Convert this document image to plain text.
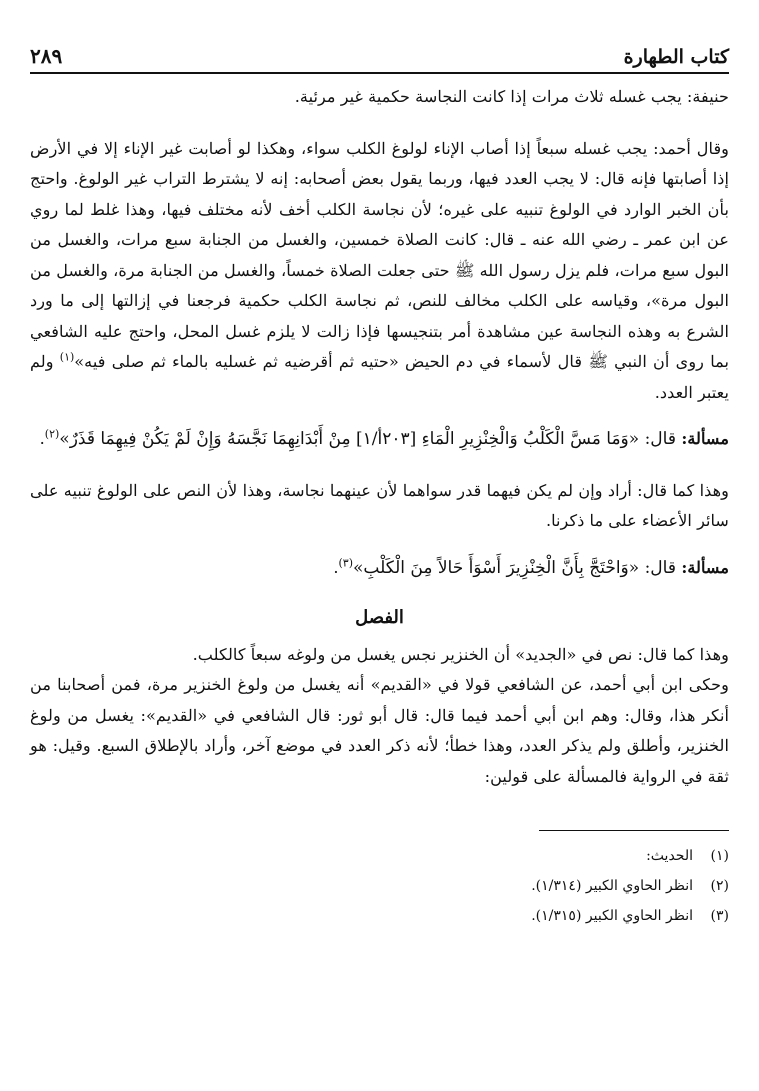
كتاب الطهارة
٢٨٩

حنيفة: يجب غسله ثلاث مرات إذا كانت النجاسة حكمية غير مرئية.

وقال أحمد: يجب غسله سبعاً إذا أصاب الإناء لولوغ الكلب سواء، وهكذا لو أصابت غير الإناء إلا في الأرض إذا أصابتها فإنه قال: لا يجب العدد فيها، وربما يقول بعض أصحابه: إنه لا يشترط التراب غير الولوغ. واحتج بأن الخبر الوارد في الولوغ تنبيه على غيره؛ لأن نجاسة الكلب أخف لأنه مختلف فيها، وهذا غلط لما روي عن ابن عمر ـ رضي الله عنه ـ قال: كانت الصلاة خمسين، والغسل من الجنابة سبع مرات، والغسل من البول سبع مرات، فلم يزل رسول الله ﷺ حتى جعلت الصلاة خمساً، والغسل من الجنابة مرة، والغسل من البول مرة»، وقياسه على الكلب مخالف للنص، ثم نجاسة الكلب حكمية فرجعنا في إزالتها إلى ما ورد الشرع به وهذه النجاسة عين مشاهدة أمر بتنجيسها فإذا زالت لا يلزم غسل المحل، واحتج عليه الشافعي بما روى أن النبي ﷺ قال لأسماء في دم الحيض «حتيه ثم أقرضيه ثم غسليه بالماء ثم صلى فيه»$^{(١)}$ ولم يعتبر العدد.

مسألة: قال: «وَمَا مَسَّ الْكَلْبُ وَالْخِنْزِيرِ الْمَاءِ [٢٠٣أ/١] مِنْ أَبْدَانِهِمَا نَجَّسَهُ وَإِنْ لَمْ يَكُنْ فِيهِمَا قَذَرٌ»$^{(٢)}$.

وهذا كما قال: أراد وإن لم يكن فيهما قدر سواهما لأن عينهما نجاسة، وهذا لأن النص على الولوغ تنبيه على سائر الأعضاء على ما ذكرنا.

مسألة: قال: «وَاحْتَجَّ بِأَنَّ الْخِنْزِيرَ أَسْوَأَ حَالاً مِنَ الْكَلْبِ»$^{(٣)}$.

الفصل

وهذا كما قال: نص في «الجديد» أن الخنزير نجس يغسل من ولوغه سبعاً كالكلب.

وحكى ابن أبي أحمد، عن الشافعي قولا في «القديم» أنه يغسل من ولوغ الخنزير مرة، فمن أصحابنا من أنكر هذا، وقال: وهم ابن أبي أحمد فيما قال: قال أبو ثور: قال الشافعي في «القديم»: يغسل من ولوغ الخنزير، وأطلق ولم يذكر العدد، وهذا خطأ؛ لأنه ذكر العدد في موضع آخر، وأراد بالإطلاق السبع. وقيل: هو ثقة في الرواية فالمسألة على قولين:

(١)
الحديث:
(٢)
انظر الحاوي الكبير (١/٣١٤).
(٣)
انظر الحاوي الكبير (١/٣١٥).
